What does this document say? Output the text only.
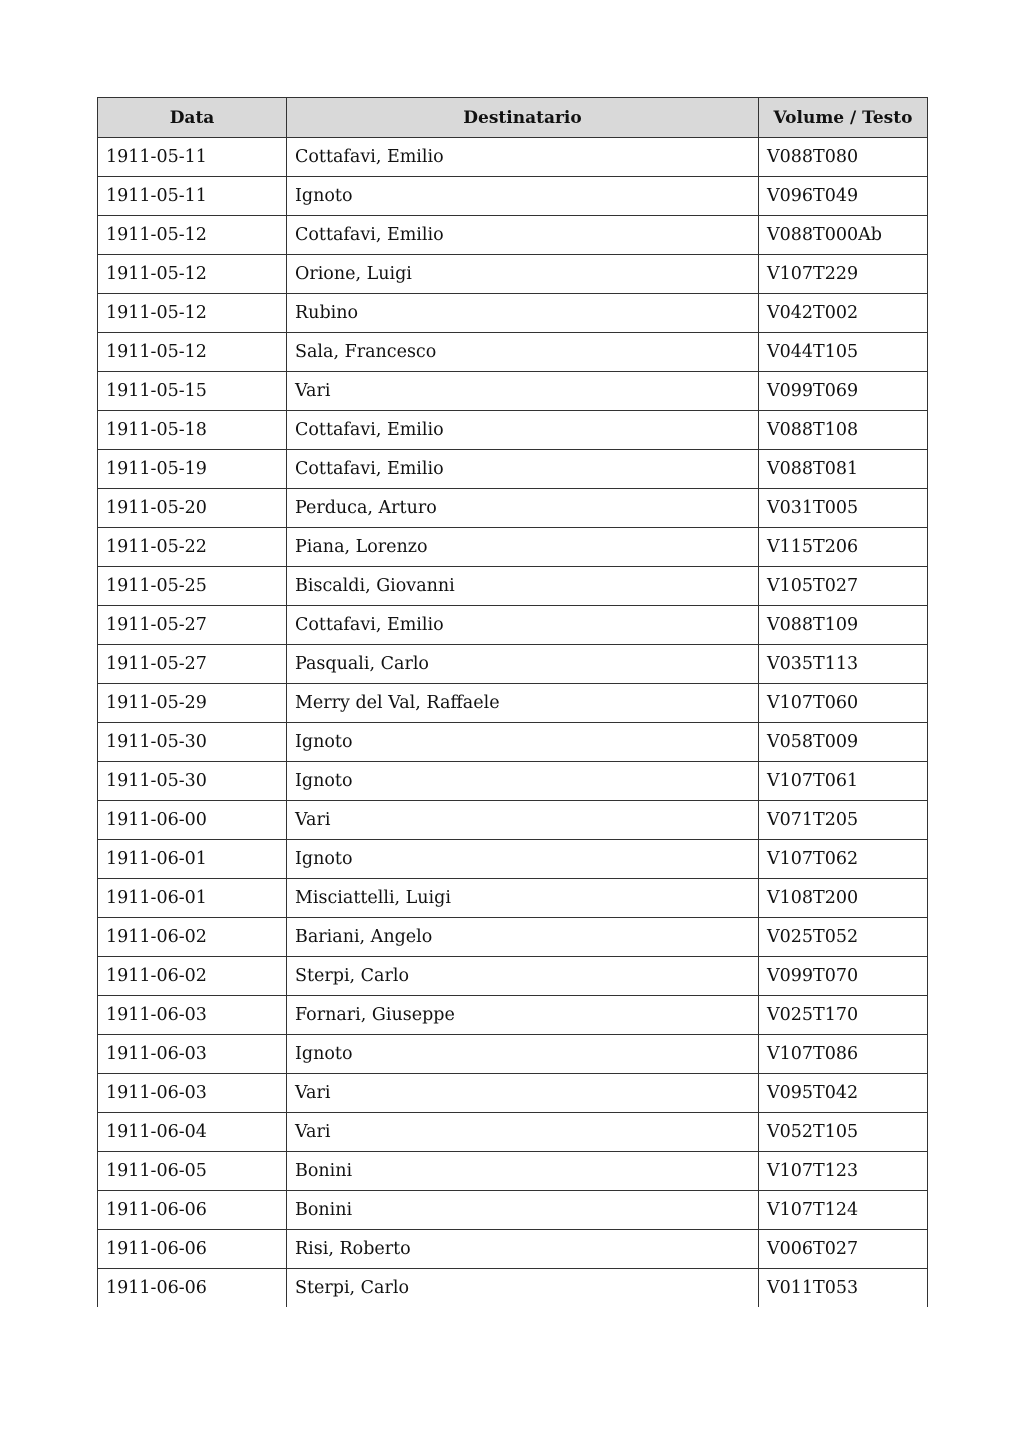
Data	Destinatario	Volume / Testo
1911-05-11	Cottafavi, Emilio	V088T080
1911-05-11	Ignoto	V096T049
1911-05-12	Cottafavi, Emilio	V088T000Ab
1911-05-12	Orione, Luigi	V107T229
1911-05-12	Rubino	V042T002
1911-05-12	Sala, Francesco	V044T105
1911-05-15	Vari	V099T069
1911-05-18	Cottafavi, Emilio	V088T108
1911-05-19	Cottafavi, Emilio	V088T081
1911-05-20	Perduca, Arturo	V031T005
1911-05-22	Piana, Lorenzo	V115T206
1911-05-25	Biscaldi, Giovanni	V105T027
1911-05-27	Cottafavi, Emilio	V088T109
1911-05-27	Pasquali, Carlo	V035T113
1911-05-29	Merry del Val, Raffaele	V107T060
1911-05-30	Ignoto	V058T009
1911-05-30	Ignoto	V107T061
1911-06-00	Vari	V071T205
1911-06-01	Ignoto	V107T062
1911-06-01	Misciattelli, Luigi	V108T200
1911-06-02	Bariani, Angelo	V025T052
1911-06-02	Sterpi, Carlo	V099T070
1911-06-03	Fornari, Giuseppe	V025T170
1911-06-03	Ignoto	V107T086
1911-06-03	Vari	V095T042
1911-06-04	Vari	V052T105
1911-06-05	Bonini	V107T123
1911-06-06	Bonini	V107T124
1911-06-06	Risi, Roberto	V006T027
1911-06-06	Sterpi, Carlo	V011T053
